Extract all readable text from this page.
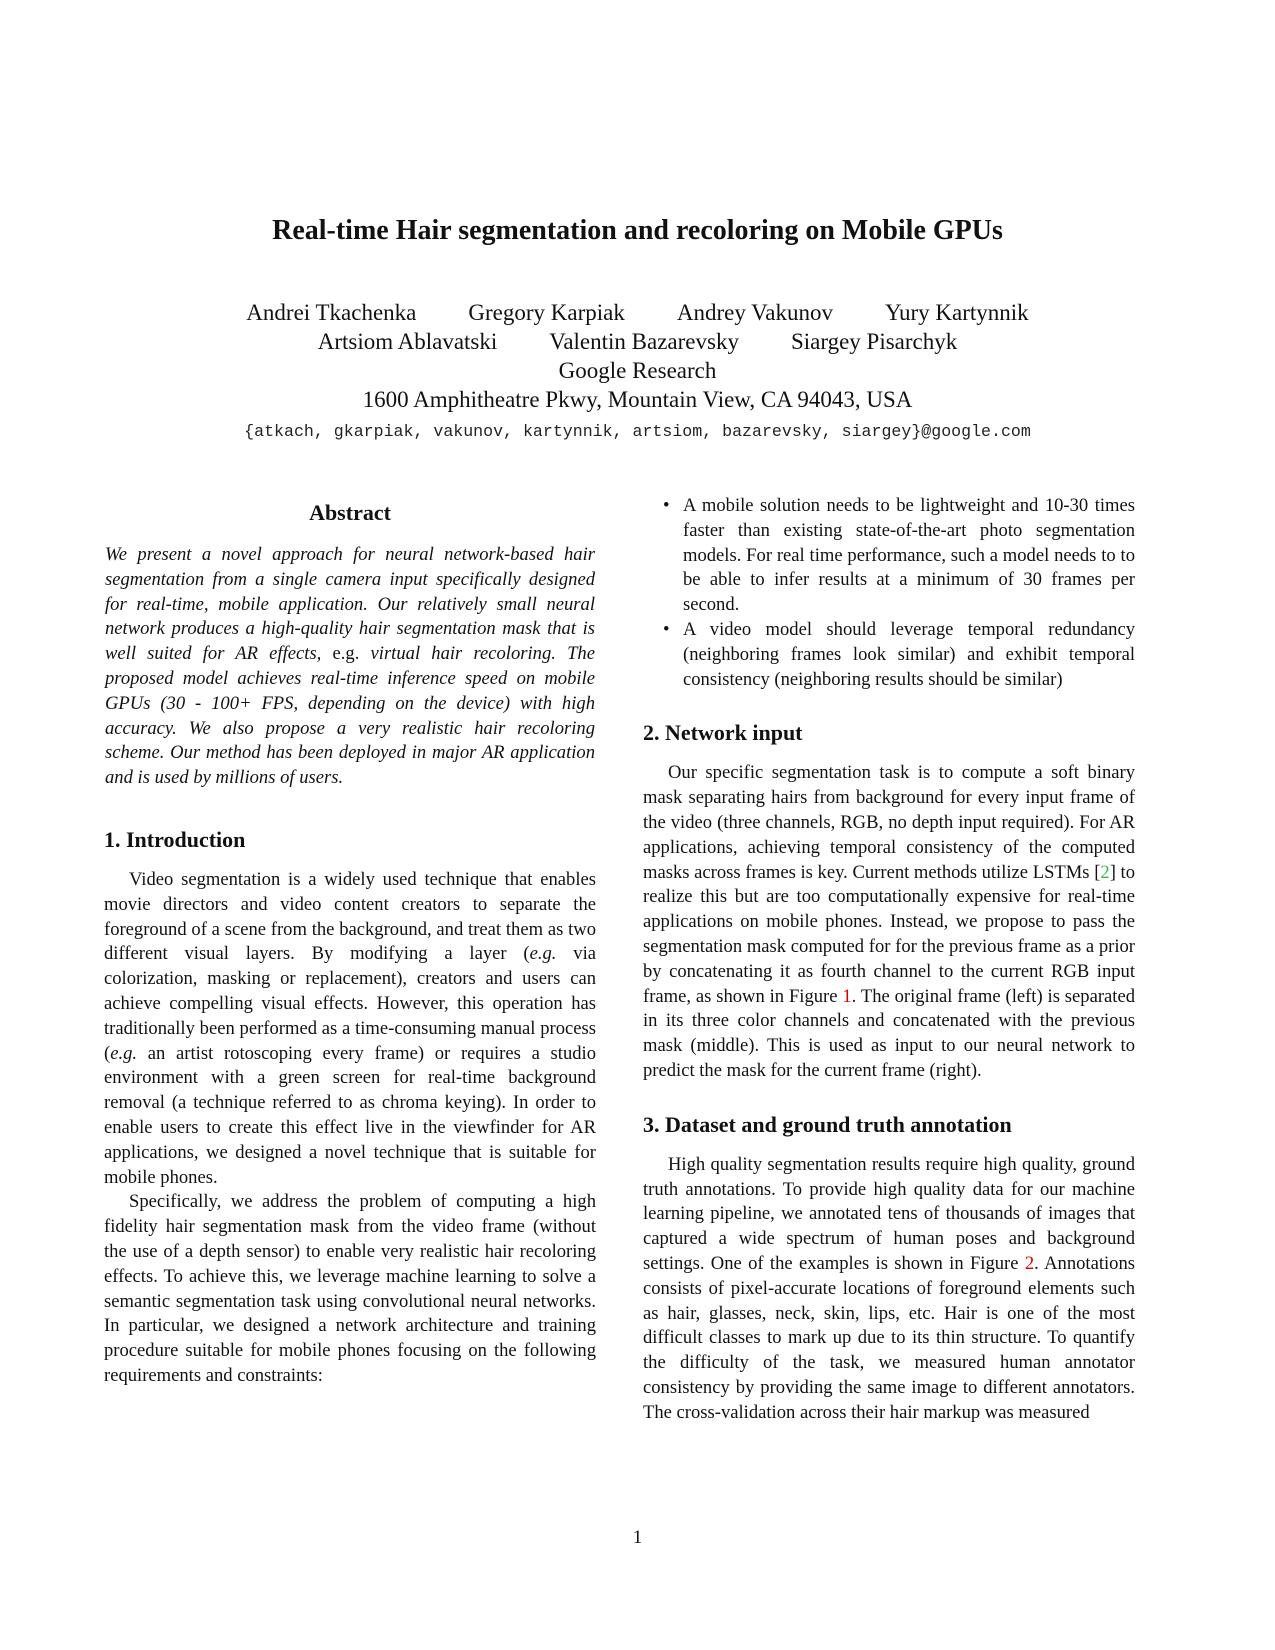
Real-time Hair segmentation and recoloring on Mobile GPUs
Andrei Tkachenka Gregory Karpiak Andrey Vakunov Yury Kartynnik
Artsiom Ablavatski Valentin Bazarevsky Siargey Pisarchyk
Google Research
1600 Amphitheatre Pkwy, Mountain View, CA 94043, USA
{atkach, gkarpiak, vakunov, kartynnik, artsiom, bazarevsky, siargey}@google.com
Abstract
We present a novel approach for neural network-based hair segmentation from a single camera input specifically designed for real-time, mobile application. Our relatively small neural network produces a high-quality hair segmentation mask that is well suited for AR effects, e.g. virtual hair recoloring. The proposed model achieves real-time inference speed on mobile GPUs (30 - 100+ FPS, depending on the device) with high accuracy. We also propose a very realistic hair recoloring scheme. Our method has been deployed in major AR application and is used by millions of users.
1. Introduction

Video segmentation is a widely used technique that enables movie directors and video content creators to separate the foreground of a scene from the background, and treat them as two different visual layers. By modifying a layer (e.g. via colorization, masking or replacement), creators and users can achieve compelling visual effects. However, this operation has traditionally been performed as a time-consuming manual process (e.g. an artist rotoscoping every frame) or requires a studio environment with a green screen for real-time background removal (a technique referred to as chroma keying). In order to enable users to create this effect live in the viewfinder for AR applications, we designed a novel technique that is suitable for mobile phones.

Specifically, we address the problem of computing a high fidelity hair segmentation mask from the video frame (without the use of a depth sensor) to enable very realistic hair recoloring effects. To achieve this, we leverage machine learning to solve a semantic segmentation task using convolutional neural networks. In particular, we designed a network architecture and training procedure suitable for mobile phones focusing on the following requirements and constraints:

• A mobile solution needs to be lightweight and 10-30 times faster than existing state-of-the-art photo segmentation models. For real time performance, such a model needs to to be able to infer results at a minimum of 30 frames per second.
• A video model should leverage temporal redundancy (neighboring frames look similar) and exhibit temporal consistency (neighboring results should be similar)
2. Network input

Our specific segmentation task is to compute a soft binary mask separating hairs from background for every input frame of the video (three channels, RGB, no depth input required). For AR applications, achieving temporal consistency of the computed masks across frames is key. Current methods utilize LSTMs [2] to realize this but are too computationally expensive for real-time applications on mobile phones. Instead, we propose to pass the segmentation mask computed for for the previous frame as a prior by concatenating it as fourth channel to the current RGB input frame, as shown in Figure 1. The original frame (left) is separated in its three color channels and concatenated with the previous mask (middle). This is used as input to our neural network to predict the mask for the current frame (right).

3. Dataset and ground truth annotation

High quality segmentation results require high quality, ground truth annotations. To provide high quality data for our machine learning pipeline, we annotated tens of thousands of images that captured a wide spectrum of human poses and background settings. One of the examples is shown in Figure 2. Annotations consists of pixel-accurate locations of foreground elements such as hair, glasses, neck, skin, lips, etc. Hair is one of the most difficult classes to mark up due to its thin structure. To quantify the difficulty of the task, we measured human annotator consistency by providing the same image to different annotators. The cross-validation across their hair markup was measured

1
